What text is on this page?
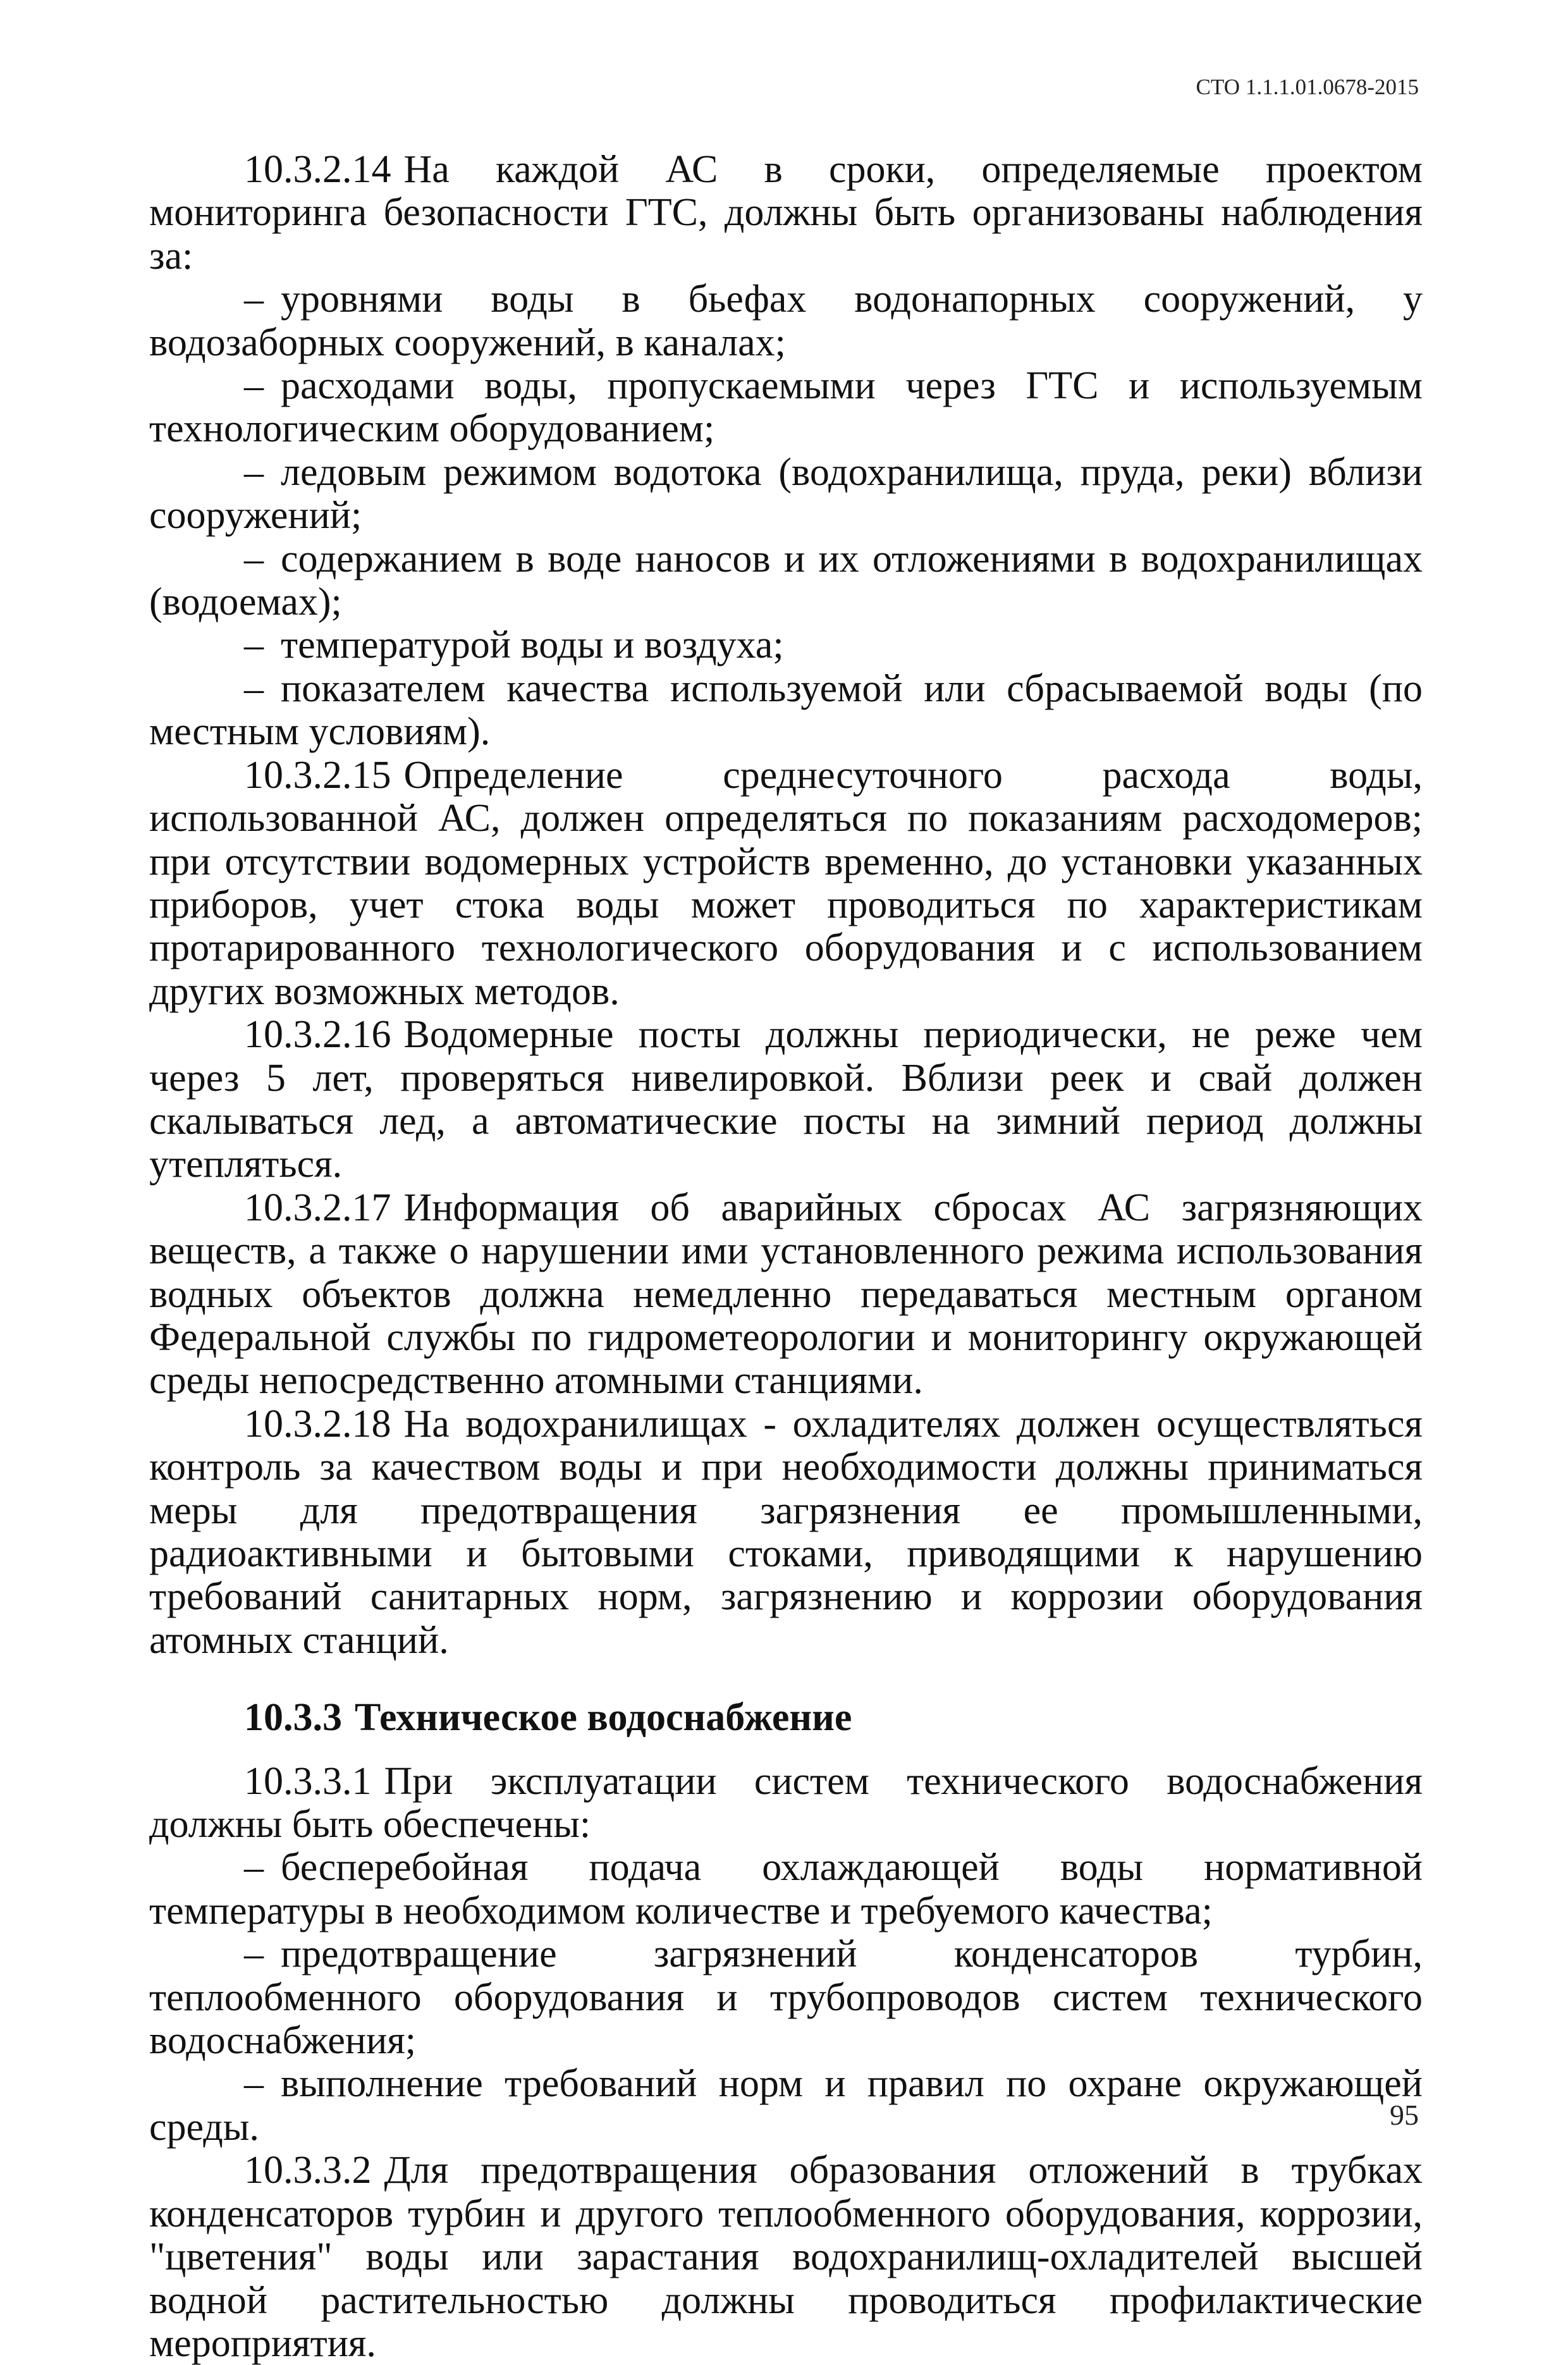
СТО 1.1.1.01.0678-2015

10.3.2.14 На каждой АС в сроки, определяемые проектом мониторинга безопасности ГТС, должны быть организованы наблюдения за:

– уровнями воды в бьефах водонапорных сооружений, у водозаборных сооружений, в каналах;

– расходами воды, пропускаемыми через ГТС и используемым технологическим оборудованием;

– ледовым режимом водотока (водохранилища, пруда, реки) вблизи сооружений;

– содержанием в воде наносов и их отложениями в водохранилищах (водоемах);

– температурой воды и воздуха;

– показателем качества используемой или сбрасываемой воды (по местным условиям).

10.3.2.15 Определение среднесуточного расхода воды, использованной АС, должен определяться по показаниям расходомеров; при отсутствии водомерных устройств временно, до установки указанных приборов, учет стока воды может проводиться по характеристикам протарированного технологического оборудования и с использованием других возможных методов.

10.3.2.16 Водомерные посты должны периодически, не реже чем через 5 лет, проверяться нивелировкой. Вблизи реек и свай должен скалываться лед, а автоматические посты на зимний период должны утепляться.

10.3.2.17 Информация об аварийных сбросах АС загрязняющих веществ, а также о нарушении ими установленного режима использования водных объектов должна немедленно передаваться местным органом Федеральной службы по гидрометеорологии и мониторингу окружающей среды непосредственно атомными станциями.

10.3.2.18 На водохранилищах - охладителях должен осуществляться контроль за качеством воды и при необходимости должны приниматься меры для предотвращения загрязнения ее промышленными, радиоактивными и бытовыми стоками, приводящими к нарушению требований санитарных норм, загрязнению и коррозии оборудования атомных станций.

10.3.3 Техническое водоснабжение

10.3.3.1 При эксплуатации систем технического водоснабжения должны быть обеспечены:

– бесперебойная подача охлаждающей воды нормативной температуры в необходимом количестве и требуемого качества;

– предотвращение загрязнений конденсаторов турбин, теплообменного оборудования и трубопроводов систем технического водоснабжения;

– выполнение требований норм и правил по охране окружающей среды.

10.3.3.2 Для предотвращения образования отложений в трубках конденсаторов турбин и другого теплообменного оборудования, коррозии, "цветения" воды или зарастания водохранилищ-охладителей высшей водной растительностью должны проводиться профилактические мероприятия.

95
